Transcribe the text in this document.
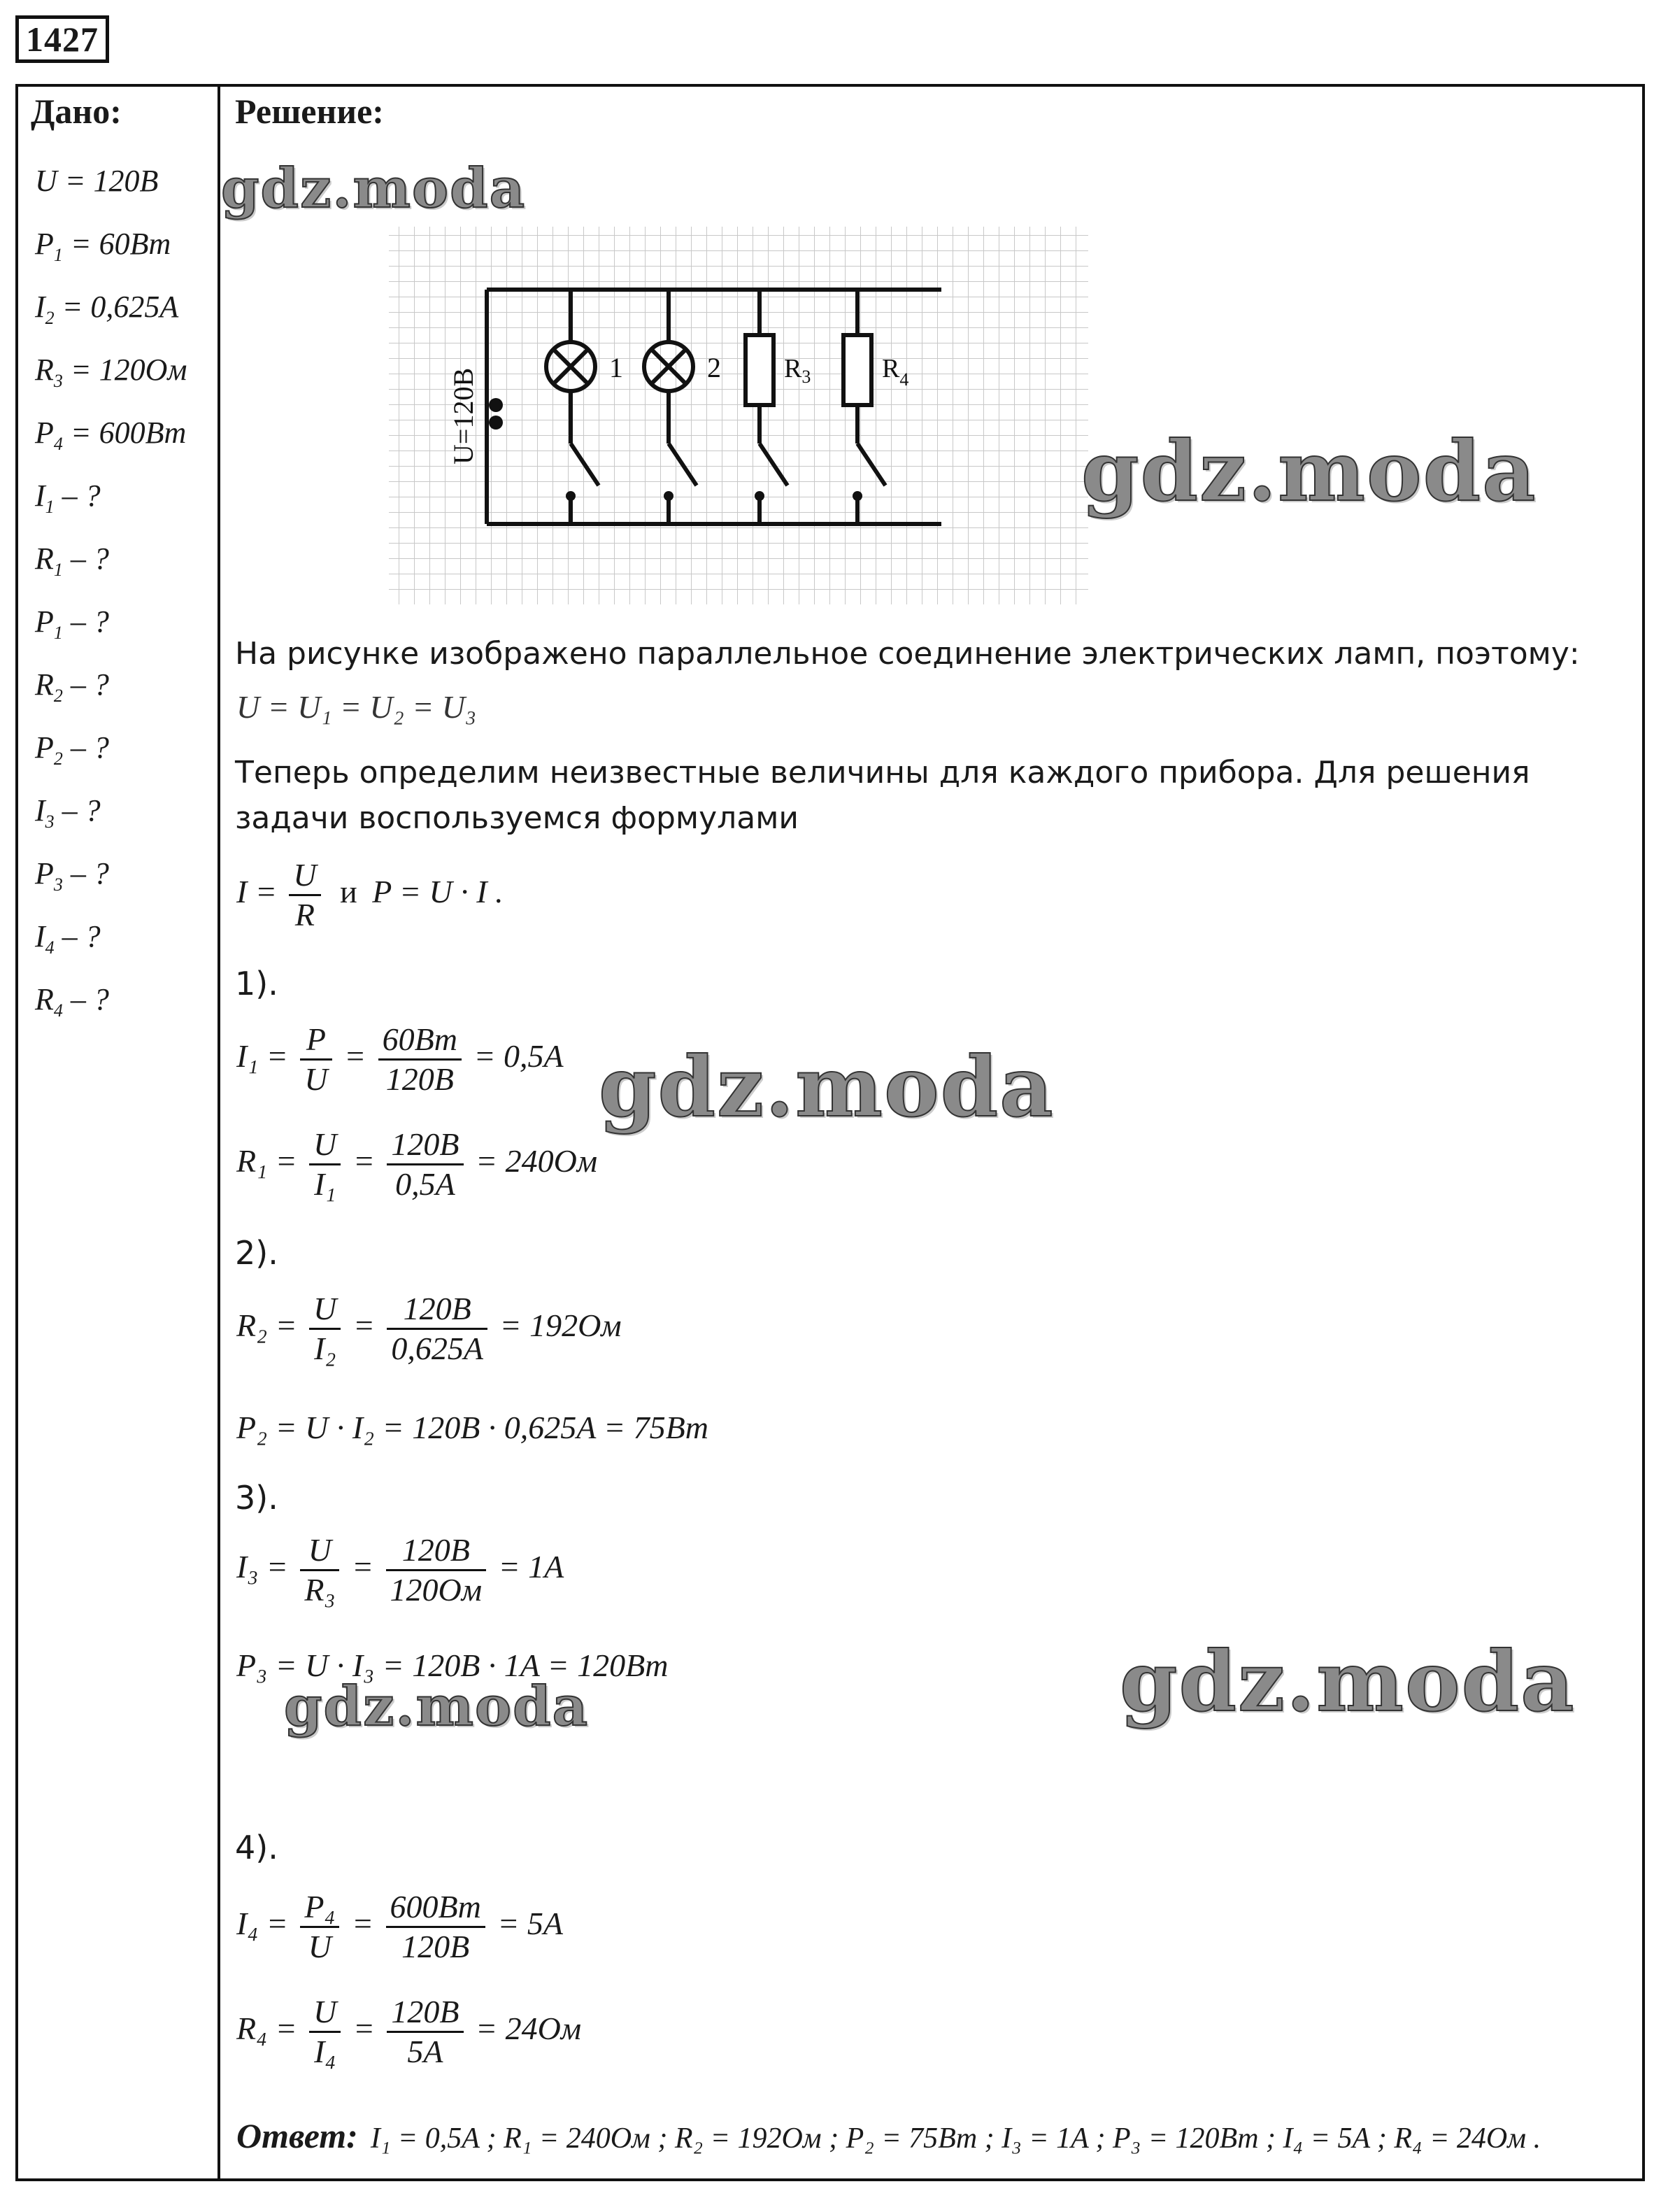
1427
Дано:
U = 120B
$P_1 = 60Bm$
$I_2 = 0,625A$
$R_3 = 120Ом$
$P_4 = 600Bm$
$I_1$ – ?
$R_1$ – ?
$P_1$ – ?
$R_2$ – ?
$P_2$ – ?
$I_3$ – ?
$P_3$ – ?
$I_4$ – ?
$R_4$ – ?
Решение:
U=120B
1	2 $R_3$	$R_4$
На рисунке изображено параллельное соединение электрических ламп, поэтому:
U = U₁ = U₂ = U₃
Теперь определим неизвестные величины для каждого прибора. Для решения
задачи воспользуемся формулами
$I = \frac{U}{R}$ и P = U · I .
1).
$I_1 = \frac{P}{U} = \frac{60Bm}{120B} = 0,5A$
$R_1 = \frac{U}{\text{I₁}} = \frac{120B}{0,5A} = 240Ом$
2).
$R_2 = \frac{U}{\text{I₂}} = \frac{120B}{0,625A} = 192Ом$
P₂ = U · I₂ = 120B · 0,625A = 75Bm
3).
$I_3 = \frac{U}{\text{R₃}} = \frac{120B}{120Ом} = 1A$
P₃ = U · I₃ = 120B · 1A = 120Bm
4).
$I_4 = \frac{\text{P₄}}{U} = \frac{600Bm}{120B} = 5A$
$R_4 = \frac{U}{\text{I₄}} = \frac{120B}{5A} = 24Ом$
Ответ: I₁ = 0,5A ; R₁ = 240Ом ; R₂ = 192Ом ; P₂ = 75Bm ; I₃ = 1A ; P₃ = 120Bm ; I₄ = 5A ; R₄ = 24Ом .
gdz.moda
gdz.moda
gdz.moda
gdz.moda	gdz.moda
